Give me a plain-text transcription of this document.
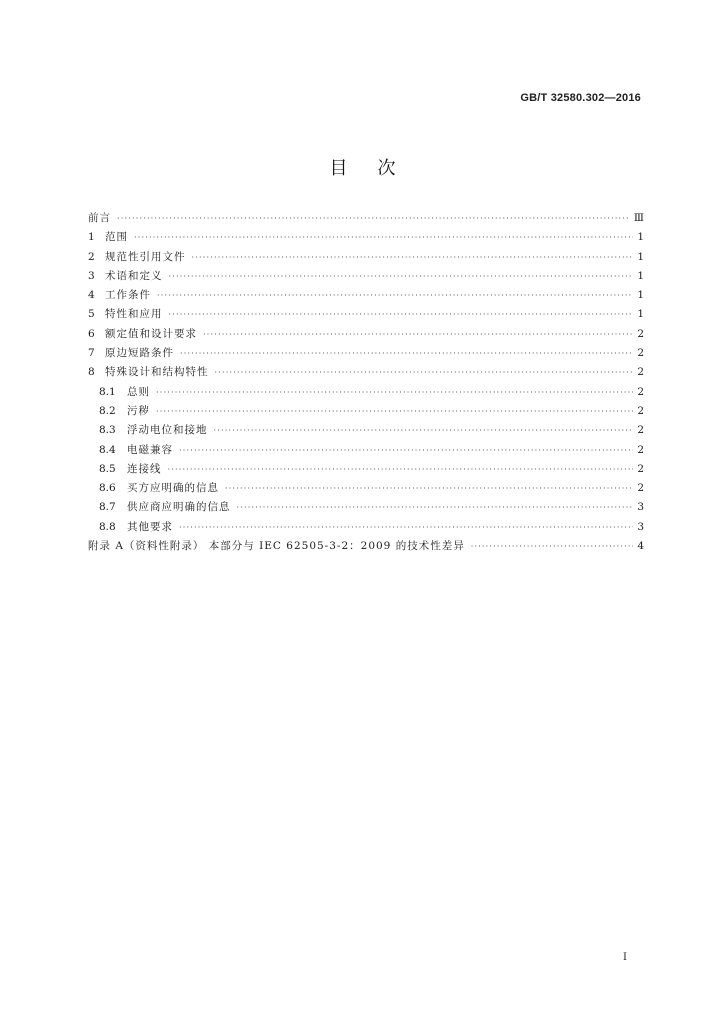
GB/T 32580.302—2016
目次
前言 ·····	Ⅲ
1 范围 ·····	1
2 规范性引用文件 ·····	1
3 术语和定义 ·····	1
4 工作条件 ·····	1
5 特性和应用 ·····	1
6 额定值和设计要求 ·····	2
7 原边短路条件 ·····	2
8 特殊设计和结构特性 ·····	2
8.1	总则 ·····	2
8.2	污秽 ·····	2
8.3	浮动电位和接地 ·····	2
8.4	电磁兼容 ·····	2
8.5	连接线 ·····	2
8.6	买方应明确的信息 ·····	2
8.7	供应商应明确的信息 ·····	3
8.8	其他要求 ·····	3
附录 A（资料性附录） 本部分与 IEC 62505-3-2：2009 的技术性差异 ·····	4
I
